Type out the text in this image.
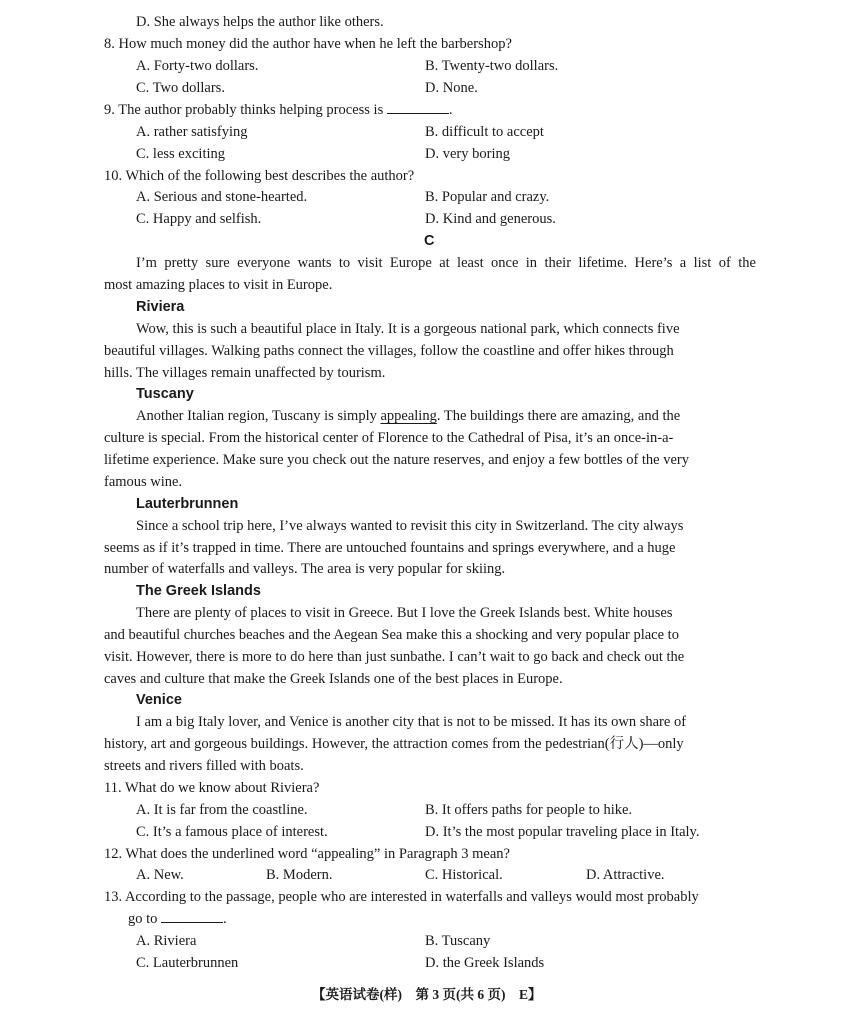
D. She always helps the author like others.
8. How much money did the author have when he left the barbershop?
A. Forty-two dollars.	B. Twenty-two dollars.
C. Two dollars.	D. None.
9. The author probably thinks helping process is	.
A. rather satisfying	B. difficult to accept
C. less exciting	D. very boring
10. Which of the following best describes the author?
A. Serious and stone-hearted.	B. Popular and crazy.
C. Happy and selfish.	D. Kind and generous.
C
I’m pretty sure everyone wants to visit Europe at least once in their lifetime. Here’s a list of the
most amazing places to visit in Europe.
Riviera
Wow, this is such a beautiful place in Italy. It is a gorgeous national park, which connects five
beautiful villages. Walking paths connect the villages, follow the coastline and offer hikes through
hills. The villages remain unaffected by tourism.
Tuscany
Another Italian region, Tuscany is simply appealing. The buildings there are amazing, and the
culture is special. From the historical center of Florence to the Cathedral of Pisa, it’s an once-in-a-
lifetime experience. Make sure you check out the nature reserves, and enjoy a few bottles of the very
famous wine.
Lauterbrunnen
Since a school trip here, I’ve always wanted to revisit this city in Switzerland. The city always
seems as if it’s trapped in time. There are untouched fountains and springs everywhere, and a huge
number of waterfalls and valleys. The area is very popular for skiing.
The Greek Islands
There are plenty of places to visit in Greece. But I love the Greek Islands best. White houses
and beautiful churches beaches and the Aegean Sea make this a shocking and very popular place to
visit. However, there is more to do here than just sunbathe. I can’t wait to go back and check out the
caves and culture that make the Greek Islands one of the best places in Europe.
Venice
I am a big Italy lover, and Venice is another city that is not to be missed. It has its own share of
history, art and gorgeous buildings. However, the attraction comes from the pedestrian(行人)—only
streets and rivers filled with boats.
11. What do we know about Riviera?
A. It is far from the coastline.	B. It offers paths for people to hike.
C. It’s a famous place of interest.	D. It’s the most popular traveling place in Italy.
12. What does the underlined word “appealing” in Paragraph 3 mean?
A. New.	B. Modern.	C. Historical.	D. Attractive.
13. According to the passage, people who are interested in waterfalls and valleys would most probably
go to	.
A. Riviera	B. Tuscany
C. Lauterbrunnen	D. the Greek Islands
【英语试卷(样)　第 3 页(共 6 页)　E】
